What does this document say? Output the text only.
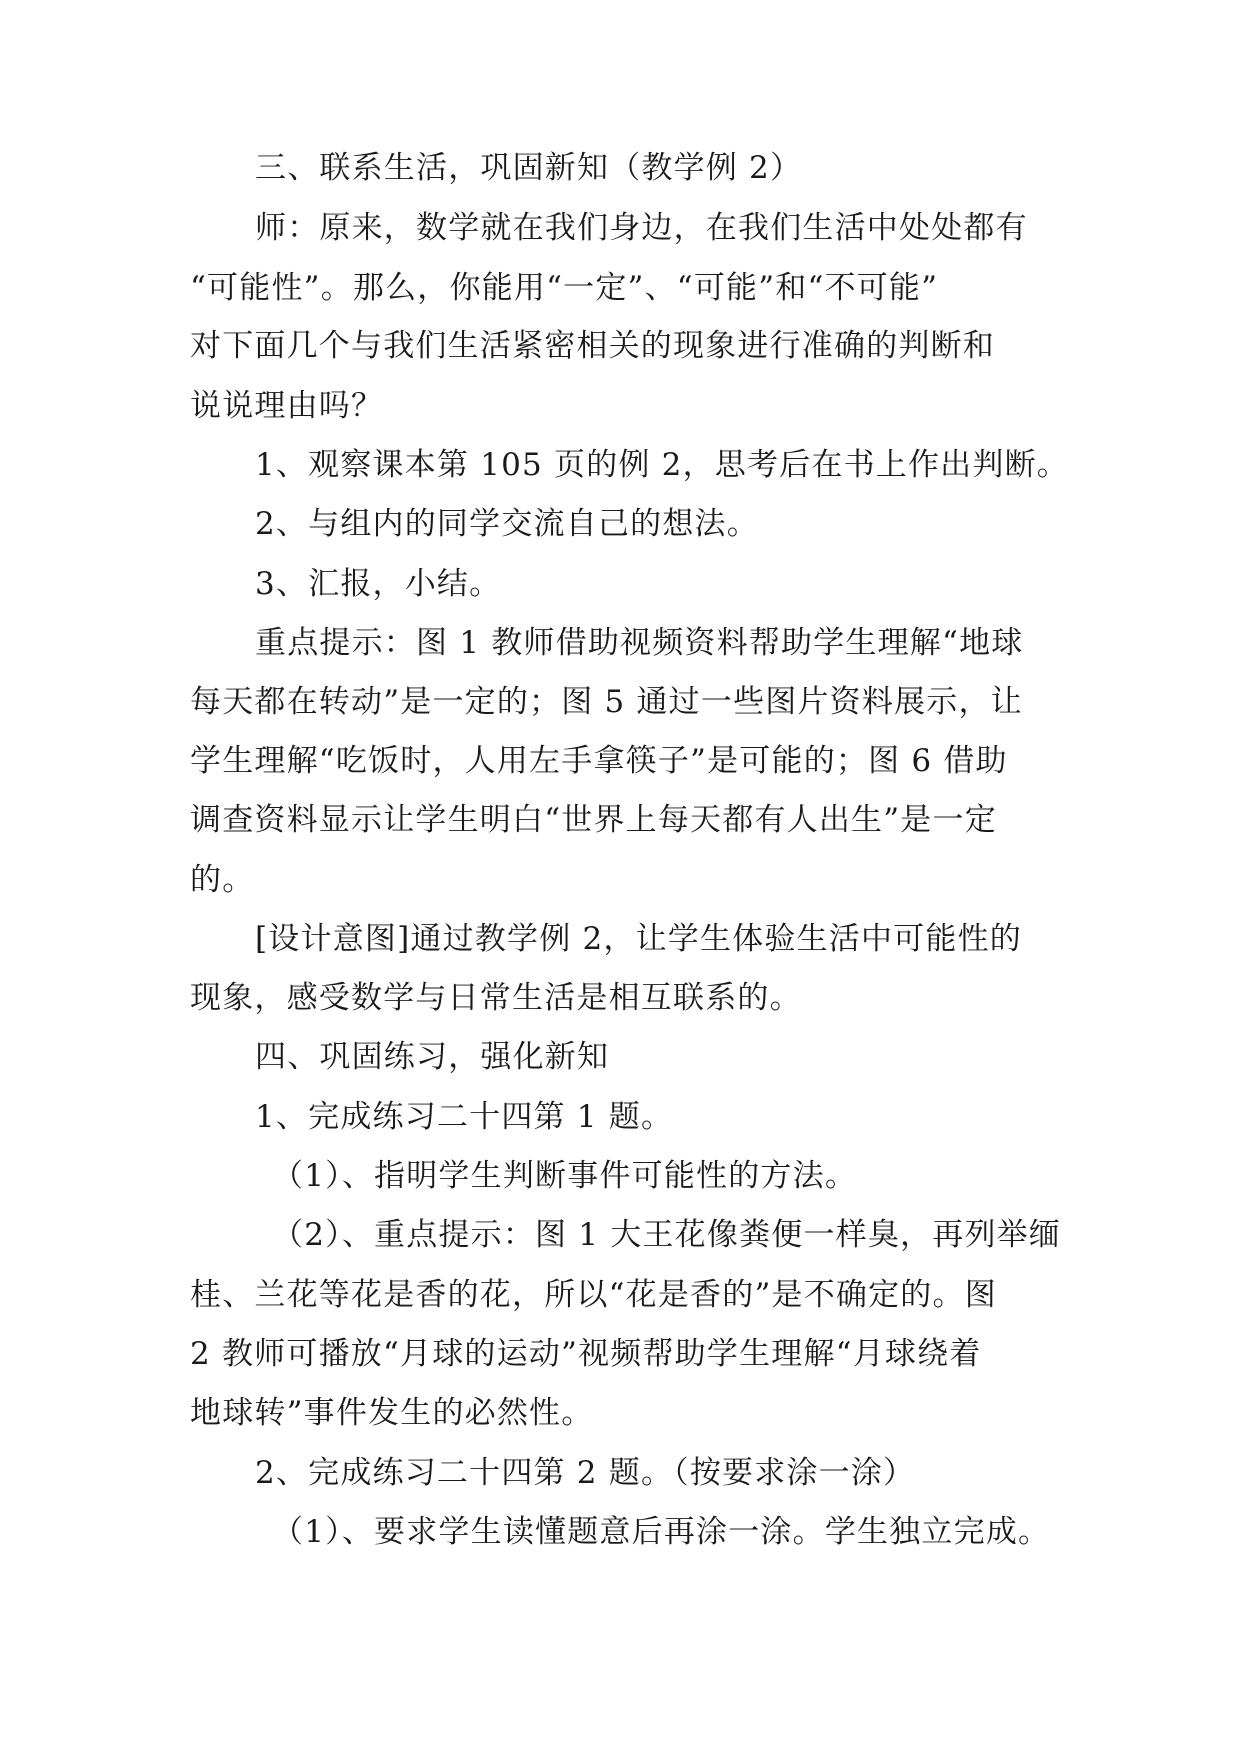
三、联系生活，巩固新知（教学例 2）
师：原来，数学就在我们身边，在我们生活中处处都有
“可能性”。那么，你能用“一定”、“可能”和“不可能”
对下面几个与我们生活紧密相关的现象进行准确的判断和
说说理由吗？
1、观察课本第 105 页的例 2，思考后在书上作出判断。
2、与组内的同学交流自己的想法。
3、汇报，小结。
重点提示：图 1 教师借助视频资料帮助学生理解“地球
每天都在转动”是一定的；图 5 通过一些图片资料展示，让
学生理解“吃饭时，人用左手拿筷子”是可能的；图 6 借助
调查资料显示让学生明白“世界上每天都有人出生”是一定
的。
[设计意图]通过教学例 2，让学生体验生活中可能性的
现象，感受数学与日常生活是相互联系的。
四、巩固练习，强化新知
1、完成练习二十四第 1 题。
（1）、指明学生判断事件可能性的方法。
（2）、重点提示：图 1 大王花像粪便一样臭，再列举缅
桂、兰花等花是香的花，所以“花是香的”是不确定的。图
2 教师可播放“月球的运动”视频帮助学生理解“月球绕着
地球转”事件发生的必然性。
2、完成练习二十四第 2 题。（按要求涂一涂）
（1）、要求学生读懂题意后再涂一涂。学生独立完成。
